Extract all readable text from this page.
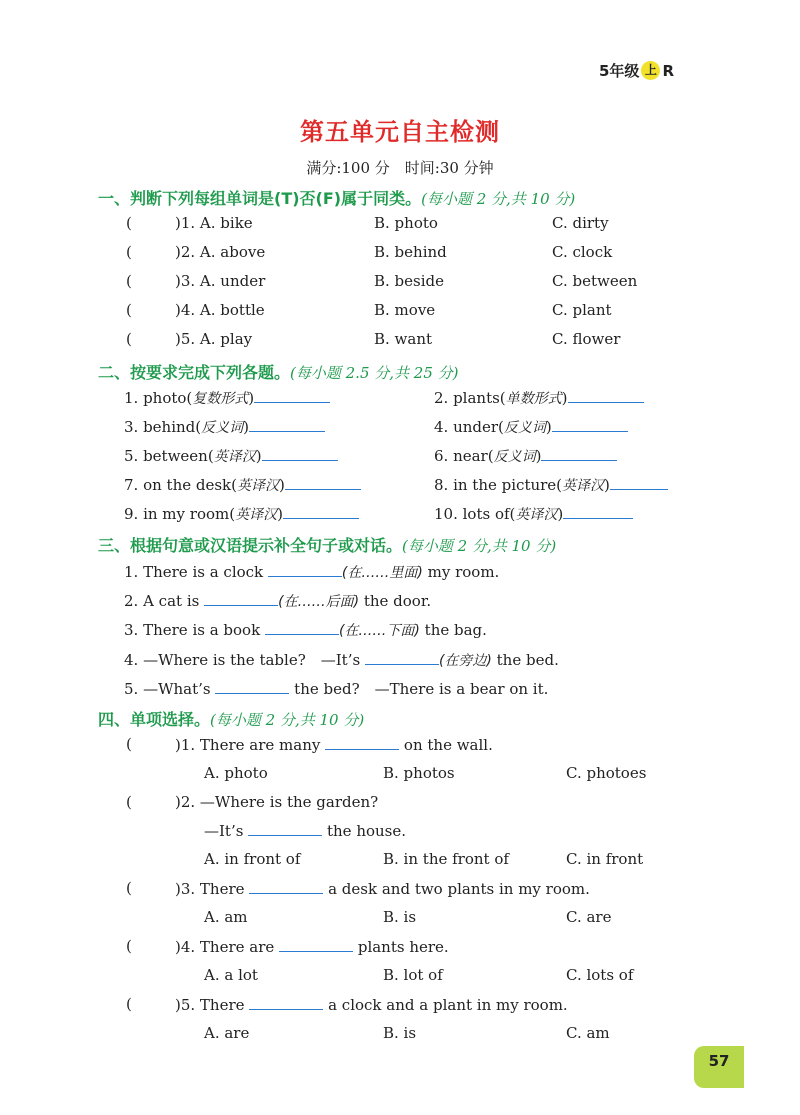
5年级 上 R
第五单元自主检测
满分:100 分　时间:30 分钟
一、判断下列每组单词是(T)否(F)属于同类。(每小题 2 分,共 10 分)
(	)1. A. bike	B. photo	C. dirty
(	)2. A. above	B. behind	C. clock
(	)3. A. under	B. beside	C. between
(	)4. A. bottle	B. move	C. plant
(	)5. A. play	B. want	C. flower
二、按要求完成下列各题。(每小题 2.5 分,共 25 分)
1. photo(复数形式)	2. plants(单数形式)
3. behind(反义词)	4. under(反义词)
5. between(英译汉)	6. near(反义词)
7. on the desk(英译汉)	8. in the picture(英译汉)
9. in my room(英译汉)	10. lots of(英译汉)
三、根据句意或汉语提示补全句子或对话。(每小题 2 分,共 10 分)
1. There is a clock	(在……里面) my room.
2. A cat is	(在……后面) the door.
3. There is a book	(在……下面) the bag.
4. —Where is the table?　—It’s	(在旁边) the bed.
5. —What’s	the bed?　—There is a bear on it.
四、单项选择。(每小题 2 分,共 10 分)
(	)1. There are many	on the wall.
A. photo	B. photos	C. photoes
(	)2. —Where is the garden?
—It’s	the house.
A. in front of	B. in the front of	C. in front
(	)3. There	a desk and two plants in my room.
A. am	B. is	C. are
(	)4. There are	plants here.
A. a lot	B. lot of	C. lots of
(	)5. There	a clock and a plant in my room.
A. are	B. is	C. am
57
